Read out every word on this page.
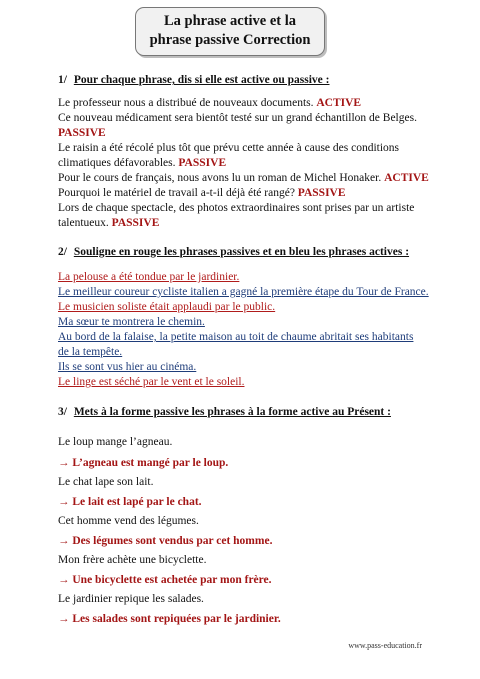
La phrase active et la
phrase passive Correction
1/ Pour chaque phrase, dis si elle est active ou passive :

Le professeur nous a distribué de nouveaux documents. ACTIVE

Ce nouveau médicament sera bientôt testé sur un grand échantillon de Belges.

PASSIVE

Le raisin a été récolé plus tôt que prévu cette année à cause des conditions

climatiques défavorables. PASSIVE

Pour le cours de français, nous avons lu un roman de Michel Honaker. ACTIVE

Pourquoi le matériel de travail a-t-il déjà été rangé? PASSIVE

Lors de chaque spectacle, des photos extraordinaires sont prises par un artiste

talentueux. PASSIVE

2/ Souligne en rouge les phrases passives et en bleu les phrases actives :

La pelouse a été tondue par le jardinier.

Le meilleur coureur cycliste italien a gagné la première étape du Tour de France.

Le musicien soliste était applaudi par le public.

Ma sœur te montrera le chemin.

Au bord de la falaise, la petite maison au toit de chaume abritait ses habitants

de la tempête.

Ils se sont vus hier au cinéma.

Le linge est séché par le vent et le soleil.

3/ Mets à la forme passive les phrases à la forme active au Présent :

Le loup mange l’agneau.

→ L’agneau est mangé par le loup.

Le chat lape son lait.

→ Le lait est lapé par le chat.

Cet homme vend des légumes.

→ Des légumes sont vendus par cet homme.

Mon frère achète une bicyclette.

→ Une bicyclette est achetée par mon frère.

Le jardinier repique les salades.

→ Les salades sont repiquées par le jardinier.

www.pass-education.fr
